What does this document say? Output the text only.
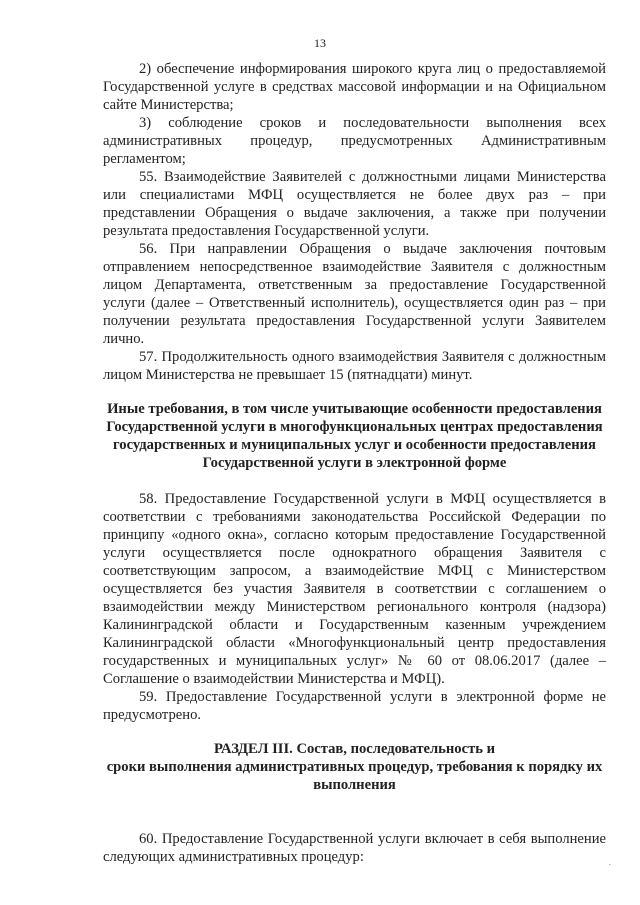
13

2) обеспечение информирования широкого круга лиц о предоставляемой Государственной услуге в средствах массовой информации и на Официальном сайте Министерства;

3) соблюдение сроков и последовательности выполнения всех административных процедур, предусмотренных Административным регламентом;

55. Взаимодействие Заявителей с должностными лицами Министерства или специалистами МФЦ осуществляется не более двух раз – при представлении Обращения о выдаче заключения, а также при получении результата предоставления Государственной услуги.

56. При направлении Обращения о выдаче заключения почтовым отправлением непосредственное взаимодействие Заявителя с должностным лицом Департамента, ответственным за предоставление Государственной услуги (далее – Ответственный исполнитель), осуществляется один раз – при получении результата предоставления Государственной услуги Заявителем лично.

57. Продолжительность одного взаимодействия Заявителя с должностным лицом Министерства не превышает 15 (пятнадцати) минут.

Иные требования, в том числе учитывающие особенности предоставления Государственной услуги в многофункциональных центрах предоставления государственных и муниципальных услуг и особенности предоставления Государственной услуги в электронной форме

58. Предоставление Государственной услуги в МФЦ осуществляется в соответствии с требованиями законодательства Российской Федерации по принципу «одного окна», согласно которым предоставление Государственной услуги осуществляется после однократного обращения Заявителя с соответствующим запросом, а взаимодействие МФЦ с Министерством осуществляется без участия Заявителя в соответствии с соглашением о взаимодействии между Министерством регионального контроля (надзора) Калининградской области и Государственным казенным учреждением Калининградской области «Многофункциональный центр предоставления государственных и муниципальных услуг» № 60 от 08.06.2017 (далее – Соглашение о взаимодействии Министерства и МФЦ).

59. Предоставление Государственной услуги в электронной форме не предусмотрено.

РАЗДЕЛ III. Состав, последовательность и

сроки выполнения административных процедур, требования к порядку их выполнения

60. Предоставление Государственной услуги включает в себя выполнение следующих административных процедур:	.
